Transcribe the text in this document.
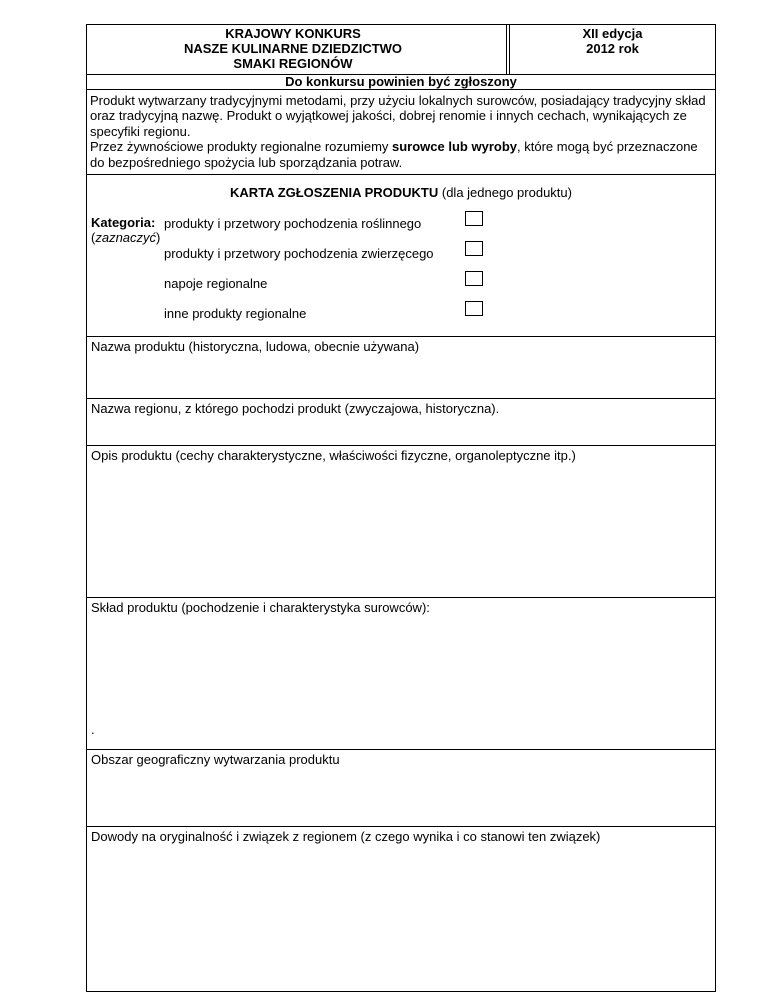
KRAJOWY KONKURS
NASZE KULINARNE DZIEDZICTWO
SMAKI REGIONÓW
XII edycja
2012 rok
Do konkursu powinien być zgłoszony
Produkt wytwarzany tradycyjnymi metodami, przy użyciu lokalnych surowców, posiadający tradycyjny skład oraz tradycyjną nazwę. Produkt o wyjątkowej jakości, dobrej renomie i innych cechach, wynikających ze specyfiki regionu.
Przez żywnościowe produkty regionalne rozumiemy surowce lub wyroby, które mogą być przeznaczone do bezpośredniego spożycia lub sporządzania potraw.
KARTA ZGŁOSZENIA PRODUKTU (dla jednego produktu)
Kategoria:
(zaznaczyć)
produkty i przetwory pochodzenia roślinnego
produkty i przetwory pochodzenia zwierzęcego
napoje regionalne
inne produkty regionalne
Nazwa produktu (historyczna, ludowa, obecnie używana)
Nazwa regionu, z którego pochodzi produkt (zwyczajowa, historyczna).
Opis produktu (cechy charakterystyczne, właściwości fizyczne, organoleptyczne itp.)
Skład produktu (pochodzenie i charakterystyka surowców):
.
Obszar geograficzny wytwarzania produktu
Dowody na oryginalność i związek z regionem (z czego wynika i co stanowi ten związek)
